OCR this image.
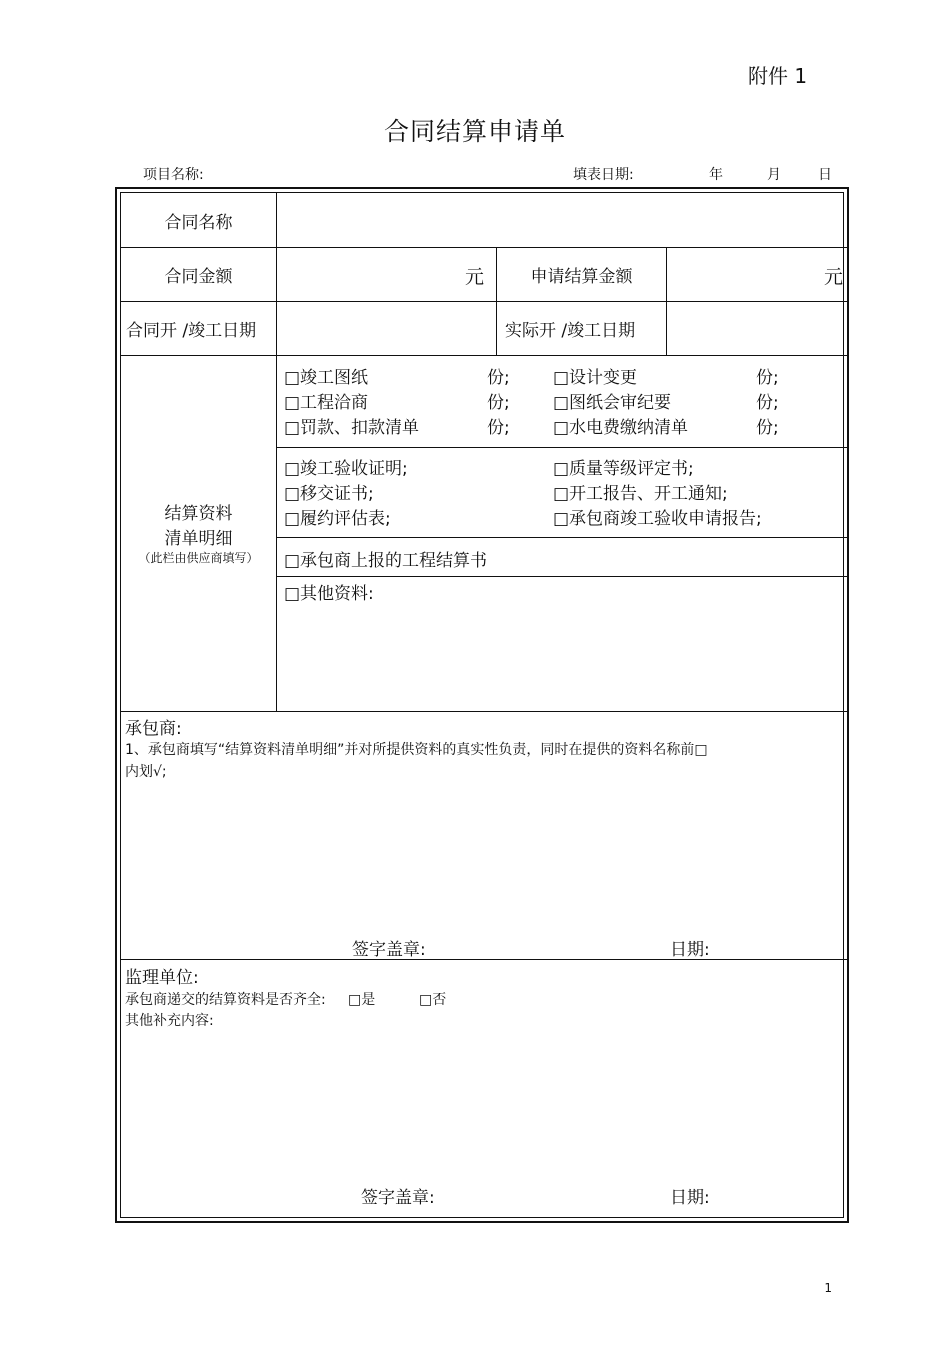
附件 1
合同结算申请单
项目名称:	填表日期:	年	月	日
合同名称
合同金额	元	申请结算金额	元
合同开 /竣工日期	实际开 /竣工日期
结算资料
清单明细
（此栏由供应商填写）
□竣工图纸	份;	□设计变更	份;
□工程洽商	份;	□图纸会审纪要	份;
□罚款、扣款清单	份;	□水电费缴纳清单	份;
□竣工验收证明;	□质量等级评定书;
□移交证书;	□开工报告、开工通知;
□履约评估表;	□承包商竣工验收申请报告;
□承包商上报的工程结算书
□其他资料:
承包商:
1、承包商填写“结算资料清单明细”并对所提供资料的真实性负责，同时在提供的资料名称前□
内划√;
签字盖章:	日期:
监理单位:
承包商递交的结算资料是否齐全: □是	□否
其他补充内容:
签字盖章:	日期:
1
